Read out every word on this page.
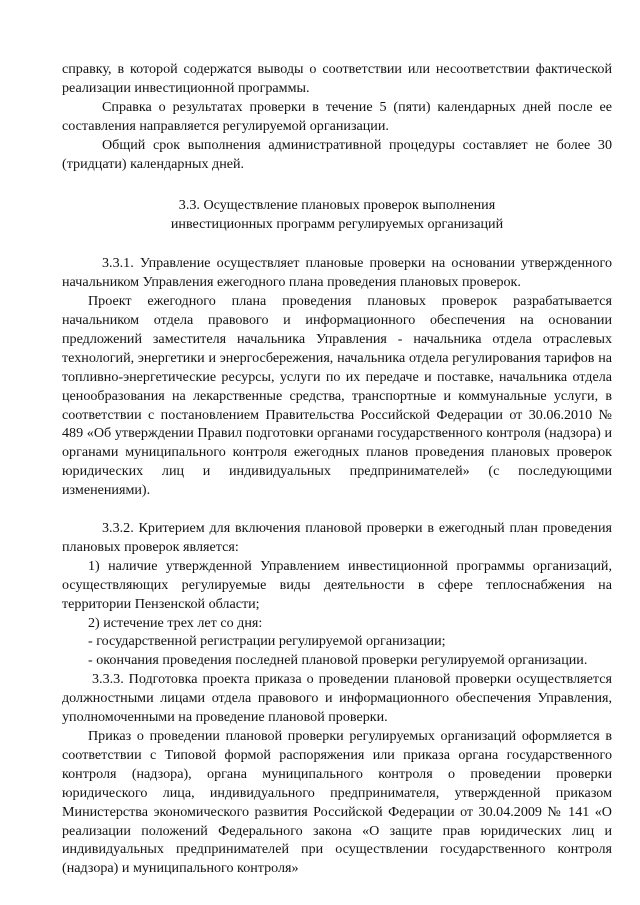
справку, в которой содержатся выводы о соответствии или несоответствии фактической реализации инвестиционной программы.

Справка о результатах проверки в течение 5 (пяти) календарных дней после ее составления направляется регулируемой организации.

Общий срок выполнения административной процедуры составляет не более 30 (тридцати) календарных дней.

3.3. Осуществление плановых проверок выполнения
инвестиционных программ регулируемых организаций

3.3.1. Управление осуществляет плановые проверки на основании утвержденного начальником Управления ежегодного плана проведения плановых проверок.

Проект ежегодного плана проведения плановых проверок разрабатывается начальником отдела правового и информационного обеспечения на основании предложений заместителя начальника Управления - начальника отдела отраслевых технологий, энергетики и энергосбережения, начальника отдела регулирования тарифов на топливно-энергетические ресурсы, услуги по их передаче и поставке, начальника отдела ценообразования на лекарственные средства, транспортные и коммунальные услуги, в соответствии с постановлением Правительства Российской Федерации от 30.06.2010 № 489 «Об утверждении Правил подготовки органами государственного контроля (надзора) и органами муниципального контроля ежегодных планов проведения плановых проверок юридических лиц и индивидуальных предпринимателей» (с последующими изменениями).

3.3.2. Критерием для включения плановой проверки в ежегодный план проведения плановых проверок является:

1) наличие утвержденной Управлением инвестиционной программы организаций, осуществляющих регулируемые виды деятельности в сфере теплоснабжения на территории Пензенской области;

2) истечение трех лет со дня:

- государственной регистрации регулируемой организации;

- окончания проведения последней плановой проверки регулируемой организации.

3.3.3. Подготовка проекта приказа о проведении плановой проверки осуществляется должностными лицами отдела правового и информационного обеспечения Управления, уполномоченными на проведение плановой проверки.

Приказ о проведении плановой проверки регулируемых организаций оформляется в соответствии с Типовой формой распоряжения или приказа органа государственного контроля (надзора), органа муниципального контроля о проведении проверки юридического лица, индивидуального предпринимателя, утвержденной приказом Министерства экономического развития Российской Федерации от 30.04.2009 № 141 «О реализации положений Федерального закона «О защите прав юридических лиц и индивидуальных предпринимателей при осуществлении государственного контроля (надзора) и муниципального контроля»
